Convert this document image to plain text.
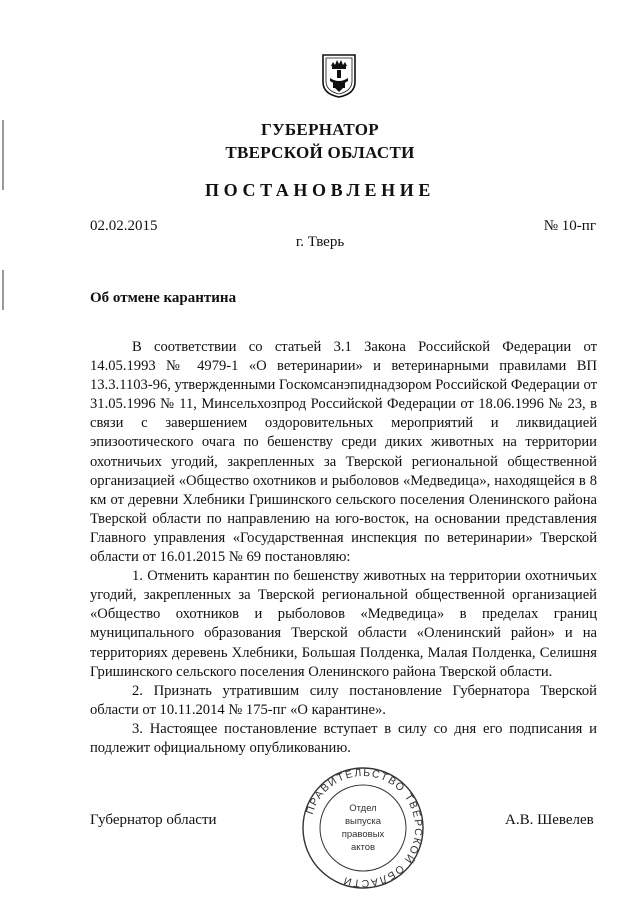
ГУБЕРНАТОР
ТВЕРСКОЙ ОБЛАСТИ
ПОСТАНОВЛЕНИЕ
02.02.2015	№ 10-пг
г. Тверь
Об отмене карантина

В соответствии со статьей 3.1 Закона Российской Федерации от 14.05.1993 № 4979-1 «О ветеринарии» и ветеринарными правилами ВП 13.3.1103-96, утвержденными Госкомсанэпиднадзором Российской Федерации от 31.05.1996 № 11, Минсельхозпрод Российской Федерации от 18.06.1996 № 23, в связи с завершением оздоровительных мероприятий и ликвидацией эпизоотического очага по бешенству среди диких животных на территории охотничьих угодий, закрепленных за Тверской региональной общественной организацией «Общество охотников и рыболовов «Медведица», находящейся в 8 км от деревни Хлебники Гришинского сельского поселения Оленинского района Тверской области по направлению на юго-восток, на основании представления Главного управления «Государственная инспекция по ветеринарии» Тверской области от 16.01.2015 № 69 постановляю:

1. Отменить карантин по бешенству животных на территории охотничьих угодий, закрепленных за Тверской региональной общественной организацией «Общество охотников и рыболовов «Медведица» в пределах границ муниципального образования Тверской области «Оленинский район» и на территориях деревень Хлебники, Большая Полденка, Малая Полденка, Селишня Гришинского сельского поселения Оленинского района Тверской области.

2. Признать утратившим силу постановление Губернатора Тверской области от 10.11.2014 № 175-пг «О карантине».

3. Настоящее постановление вступает в силу со дня его подписания и подлежит официальному опубликованию.

Губернатор области	А.В. Шевелев
ПРАВИТЕЛЬСТВО ТВЕРСКОЙ ОБЛАСТИ
Отдел
выпуска
правовых
актов
